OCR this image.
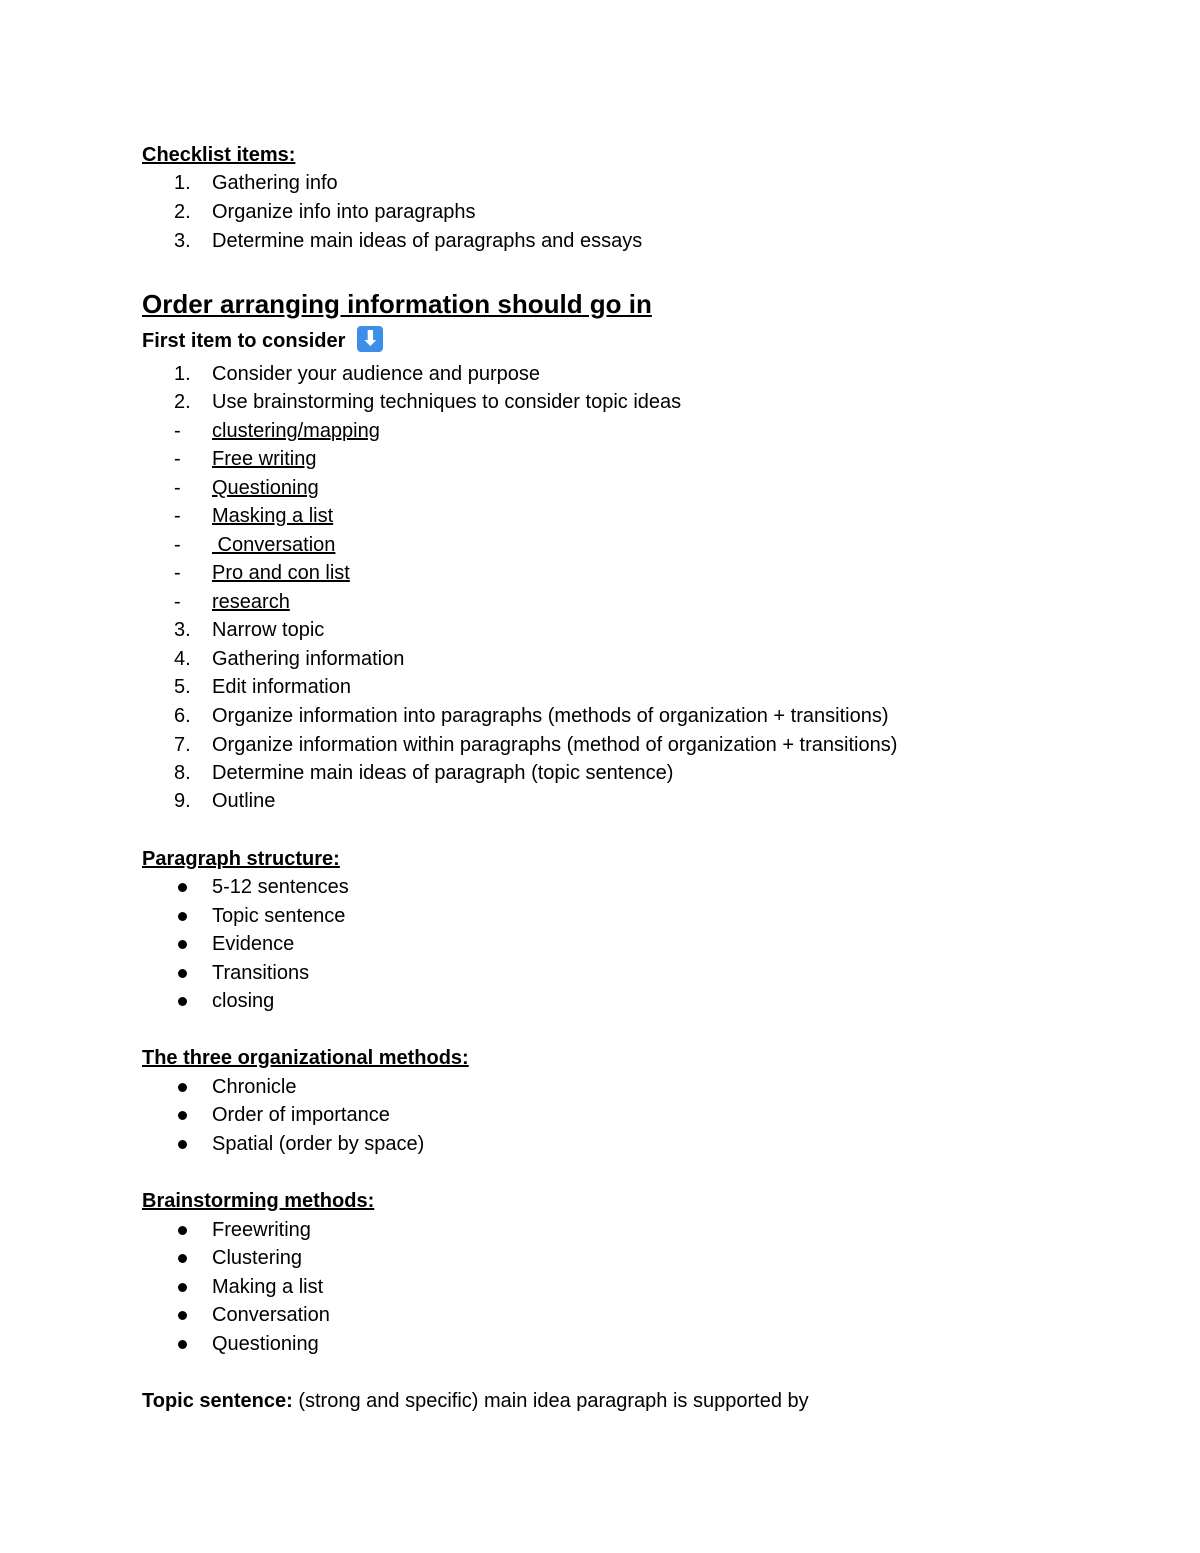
Checklist items:
1.	Gathering info
2.	Organize info into paragraphs
3.	Determine main ideas of paragraphs and essays
Order arranging information should go in
First item to consider ⬇
1.	Consider your audience and purpose
2.	Use brainstorming techniques to consider topic ideas
-	clustering/mapping
-	Free writing
-	Questioning
-	Masking a list
-	Conversation
-	Pro and con list
-	research
3.	Narrow topic
4.	Gathering information
5.	Edit information
6.	Organize information into paragraphs (methods of organization + transitions)
7.	Organize information within paragraphs (method of organization + transitions)
8.	Determine main ideas of paragraph (topic sentence)
9.	Outline
Paragraph structure:
5-12 sentences
Topic sentence
Evidence
Transitions
closing
The three organizational methods:
Chronicle
Order of importance
Spatial (order by space)
Brainstorming methods:
Freewriting
Clustering
Making a list
Conversation
Questioning
Topic sentence: (strong and specific) main idea paragraph is supported by
